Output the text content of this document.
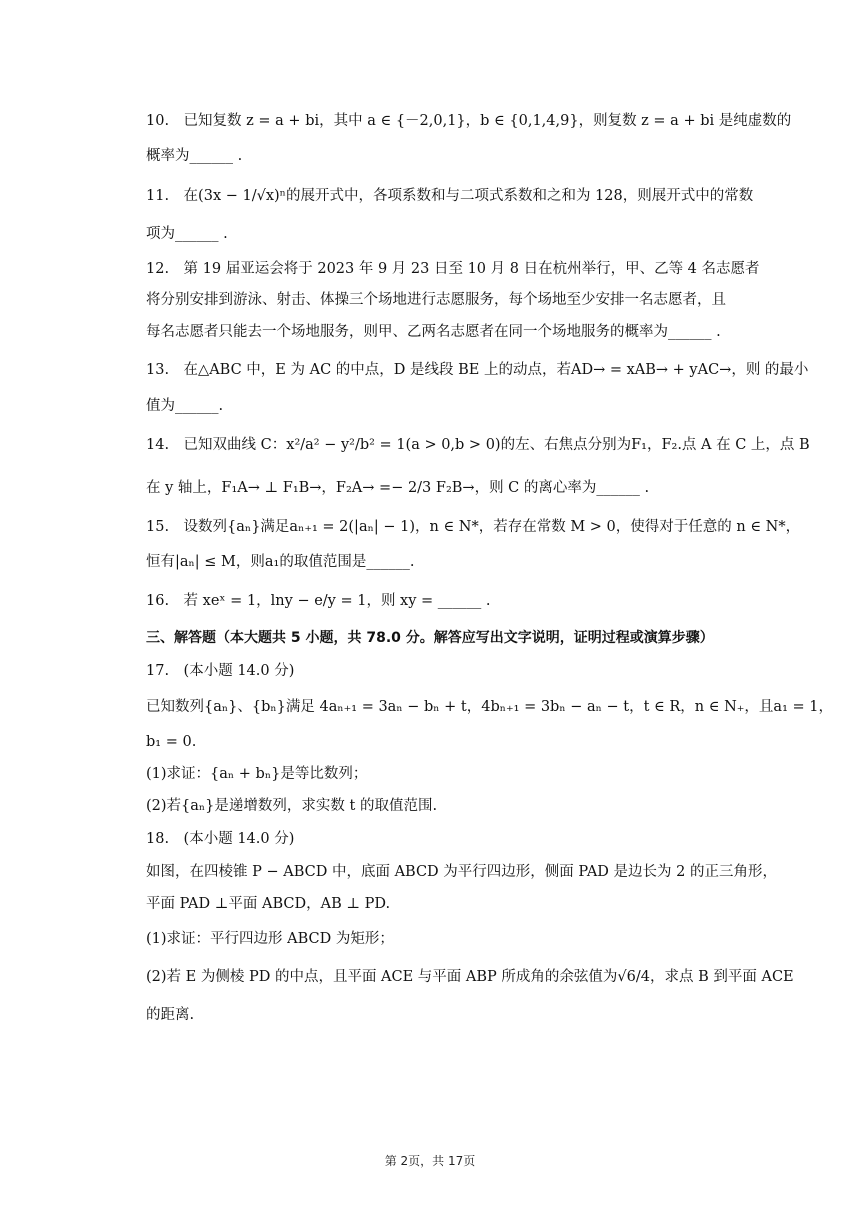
10.　已知复数 z = a + bi，其中 a ∈ {－2,0,1}，b ∈ {0,1,4,9}，则复数 z = a + bi 是纯虚数的
概率为______ .
11.　在(3x − 1/√x)ⁿ的展开式中，各项系数和与二项式系数和之和为 128，则展开式中的常数
项为______ .
12.　第 19 届亚运会将于 2023 年 9 月 23 日至 10 月 8 日在杭州举行，甲、乙等 4 名志愿者
将分别安排到游泳、射击、体操三个场地进行志愿服务，每个场地至少安排一名志愿者，且
每名志愿者只能去一个场地服务，则甲、乙两名志愿者在同一个场地服务的概率为______ .
13.　在△ABC 中，E 为 AC 的中点，D 是线段 BE 上的动点，若AD→ = xAB→ + yAC→，则 的最小
值为______.
14.　已知双曲线 C：x²/a² − y²/b² = 1(a > 0,b > 0)的左、右焦点分别为F₁，F₂.点 A 在 C 上，点 B
在 y 轴上，F₁A→ ⊥ F₁B→，F₂A→ =− 2/3 F₂B→，则 C 的离心率为______ .
15.　设数列{aₙ}满足aₙ₊₁ = 2(|aₙ| − 1)，n ∈ N*，若存在常数 M > 0，使得对于任意的 n ∈ N*，
恒有|aₙ| ≤ M，则a₁的取值范围是______.
16.　若 xeˣ = 1，lny − e/y = 1，则 xy = ______ .
三、解答题（本大题共 5 小题，共 78.0 分。解答应写出文字说明，证明过程或演算步骤）
17.　(本小题 14.0 分)
已知数列{aₙ}、{bₙ}满足 4aₙ₊₁ = 3aₙ − bₙ + t，4bₙ₊₁ = 3bₙ − aₙ − t，t ∈ R，n ∈ N₊，且a₁ = 1，
b₁ = 0.
(1)求证：{aₙ + bₙ}是等比数列；
(2)若{aₙ}是递增数列，求实数 t 的取值范围.
18.　(本小题 14.0 分)
如图，在四棱锥 P − ABCD 中，底面 ABCD 为平行四边形，侧面 PAD 是边长为 2 的正三角形，
平面 PAD ⊥平面 ABCD，AB ⊥ PD.
(1)求证：平行四边形 ABCD 为矩形；
(2)若 E 为侧棱 PD 的中点，且平面 ACE 与平面 ABP 所成角的余弦值为√6/4，求点 B 到平面 ACE
的距离.
第 2页，共 17页
